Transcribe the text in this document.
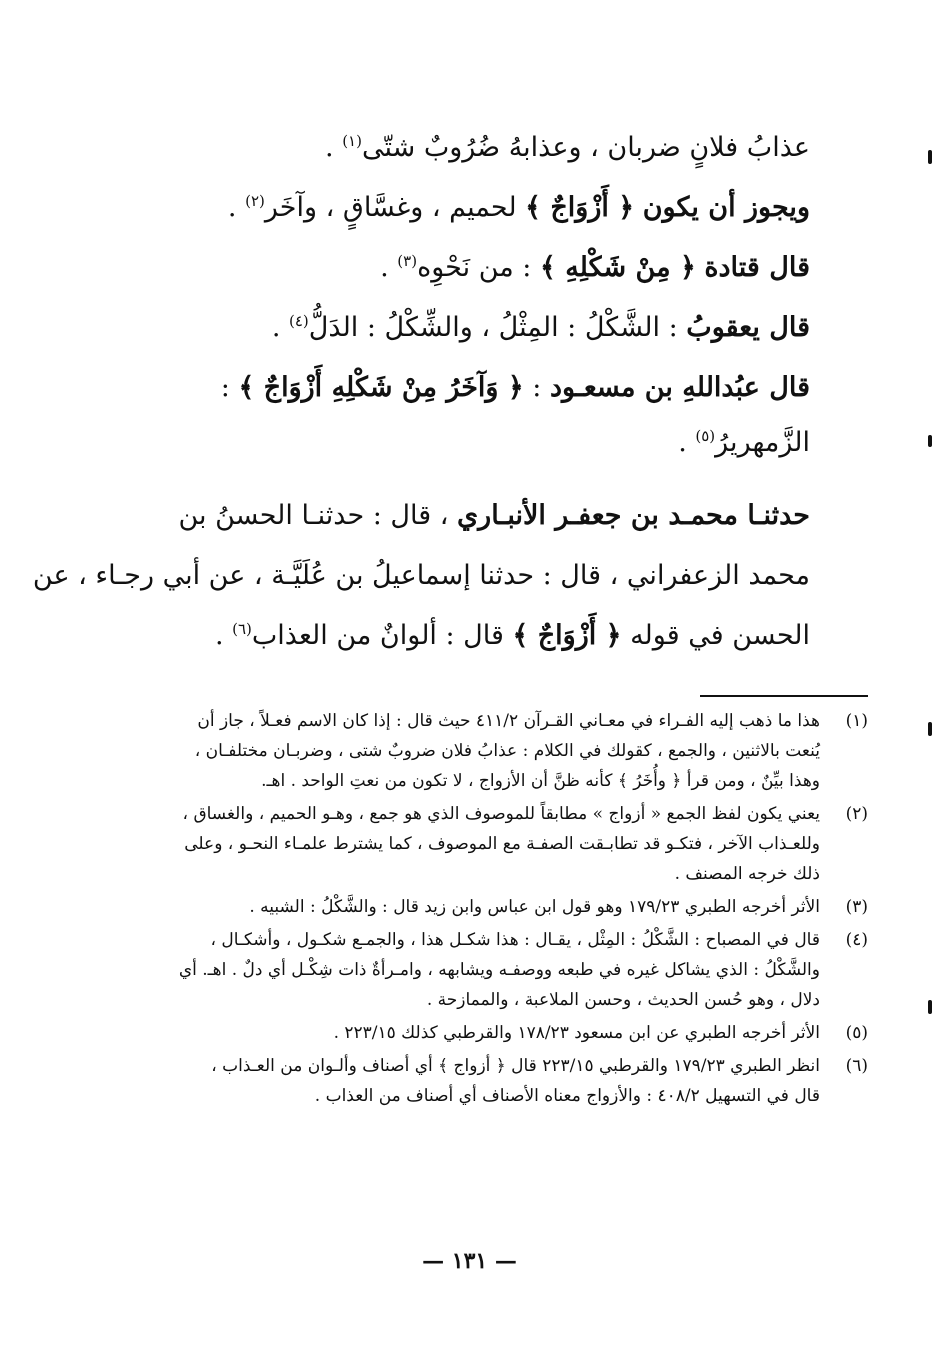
عذابُ فلانٍ ضربان ، وعذابهُ ضُرُوبٌ شتّى$^{(١)}$ .
ويجوز أن يكون ﴿ أَزْوَاجٌ ﴾ لحميم ، وغسَّاقٍ ، وآخَر$^{(٢)}$ .
قال قتادة ﴿ مِنْ شَكْلِهِ ﴾ : من نَحْوِه$^{(٣)}$ .
قال يعقوبُ : الشَّكْلُ : المِثْلُ ، والشِّكْلُ : الدَلُّ$^{(٤)}$ .
قال عبُداللهِ بن مسعـود : ﴿ وَآخَرُ مِنْ شَكْلِهِ أَزْوَاجٌ ﴾ :
الزَّمهريرُ$^{(٥)}$ .
حدثنـا محمـد بن جعفـر الأنبـاري ، قال : حدثنـا الحسنُ بن
محمد الزعفراني ، قال : حدثنا إسماعيلُ بن عُلَيَّـة ، عن أبي رجـاء ، عن
الحسن في قوله ﴿ أَزْوَاجٌ ﴾ قال : ألوانٌ من العذاب$^{(٦)}$ .
(١)
هذا ما ذهب إليه الفـراء في معـاني القـرآن ٤١١/٢ حيث قال : إذا كان الاسم فعـلاً ، جاز أن
يُنعت بالاثنين ، والجمع ، كقولك في الكلام : عذابُ فلان ضروبٌ شتى ، وضربـان مختلفـان ،
وهذا بيِّنٌ ، ومن قرأ ﴿ وأُخَرُ ﴾ كأنه ظنَّ أن الأزواج ، لا تكون من نعتِ الواحد . اهـ.
(٢)
يعني يكون لفظ الجمع « أزواج » مطابقاً للموصوف الذي هو جمع ، وهـو الحميم ، والغساق ،
وللعـذاب الآخر ، فتكـو قد تطابـقت الصفـة مع الموصوف ، كما يشترط علمـاء النحـو ، وعلى
ذلك خرجه المصنف .
(٣)
الأثر أخرجه الطبري ١٧٩/٢٣ وهو قول ابن عباس وابن زيد قال : والشَّكْلُ : الشبيه .
(٤)
قال في المصباح : الشَّكْلُ : المِثْل ، يقـال : هذا شكـل هذا ، والجمـع شكـول ، وأشكـال ،
والشَّكْلُ : الذي يشاكل غيره في طبعه ووصفـه ويشابهه ، وامـرأةٌ ذات شِكْـل أي دلٌ . اهـ. أي
دلال ، وهو حُسن الحديث ، وحسن الملاعبة ، والممازحة .
(٥)
الأثر أخرجه الطبري عن ابن مسعود ١٧٨/٢٣ والقرطبي كذلك ٢٢٣/١٥ .
(٦)
انظر الطبري ١٧٩/٢٣ والقرطبي ٢٢٣/١٥ قال ﴿ أزواج ﴾ أي أصناف وألـوان من العـذاب ،
قال في التسهيل ٤٠٨/٢ : والأزواج معناه الأصناف أي أصناف من العذاب .
— ١٣١ —
